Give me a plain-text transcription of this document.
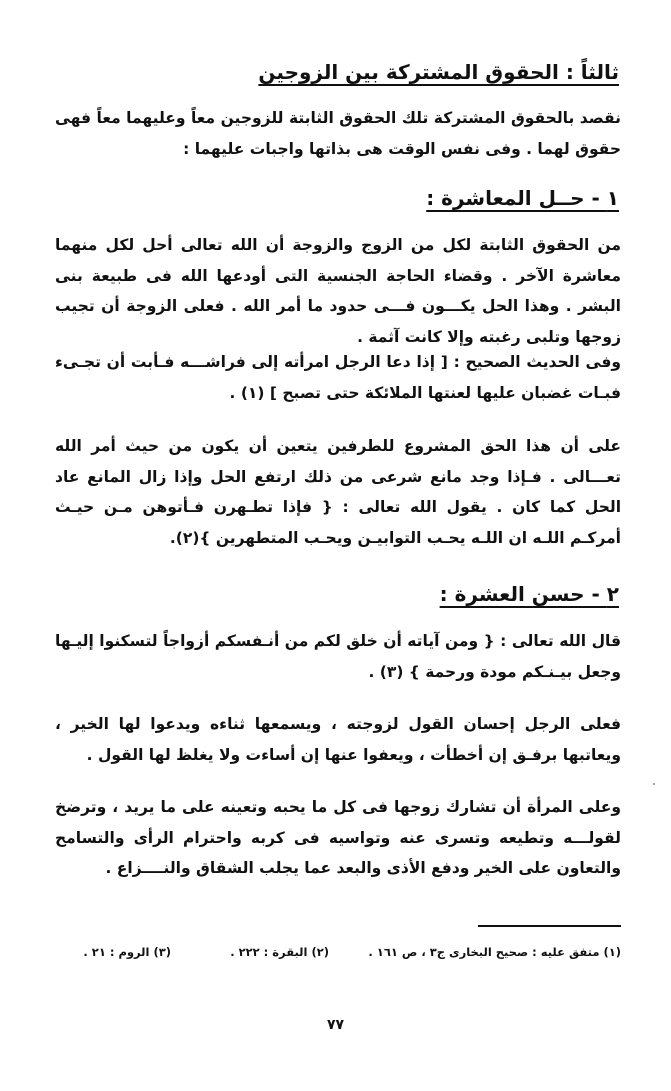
ثالثاً : الحقوق المشتركة بين الزوجين

نقصد بالحقوق المشتركة تلك الحقوق الثابتة للزوجين معاً وعليهما معاً فهى حقوق لهما . وفى نفس الوقت هى بذاتها واجبات عليهما :

١ - حــل المعاشرة :

من الحقوق الثابتة لكل من الزوج والزوجة أن الله تعالى أحل لكل منهما معاشرة الآخر . وقضاء الحاجة الجنسية التى أودعها الله فى طبيعة بنى البشر . وهذا الحل يكـــون فـــى حدود ما أمر الله . فعلى الزوجة أن تجيب زوجها وتلبى رغبته وإلا كانت آثمة .

وفى الحديث الصحيح : [ إذا دعا الرجل امرأته إلى فراشـــه فـأبت أن تجـىء فبـات غضبان عليها لعنتها الملائكة حتى تصبح ] (١) .

على أن هذا الحق المشروع للطرفين يتعين أن يكون من حيث أمر الله تعـــالى . فـإذا وجد مانع شرعى من ذلك ارتفع الحل وإذا زال المانع عاد الحل كما كان . يقول الله تعالى : { فإذا تطـهرن فـأتوهن مـن حيـث أمركـم اللـه ان اللـه يحـب التوابيـن ويحـب المتطهرين }(٢).

٢ - حسن العشرة :

قال الله تعالى : { ومن آياته أن خلق لكم من أنـفسكم أزواجاً لتسكنوا إليـها وجعل بيـنـكم مودة ورحمة } (٣) .

فعلى الرجل إحسان القول لزوجته ، ويسمعها ثناءه ويدعوا لها الخير ، ويعاتبها برفـق إن أخطأت ، ويعفوا عنها إن أساءت ولا يغلظ لها القول .

وعلى المرأة أن تشارك زوجها فى كل ما يحبه وتعينه على ما يريد ، وترضخ لقولـــه وتطيعه وتسرى عنه وتواسيه فى كربه واحترام الرأى والتسامح والتعاون على الخير ودفع الأذى والبعد عما يجلب الشقاق والنــــزاع .

(١) متفق عليه : صحيح البخارى ج٣ ، ص ١٦١ .
(٢) البقرة : ٢٢٢ .
(٣) الروم : ٢١ .
٧٧
